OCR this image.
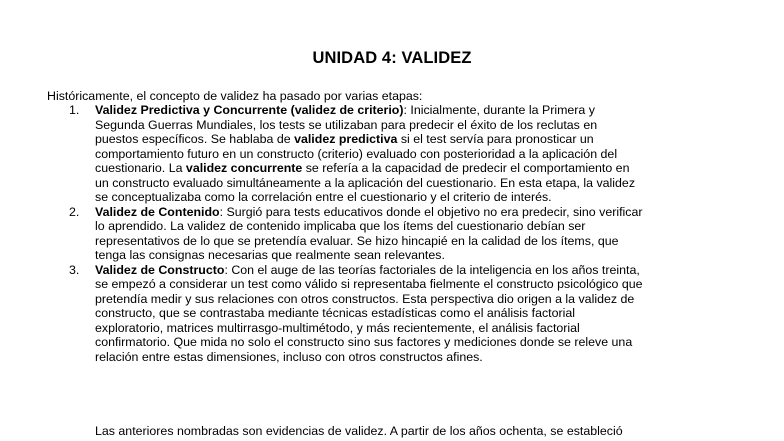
UNIDAD 4: VALIDEZ
Históricamente, el concepto de validez ha pasado por varias etapas:
1. Validez Predictiva y Concurrente (validez de criterio): Inicialmente, durante la Primera y
Segunda Guerras Mundiales, los tests se utilizaban para predecir el éxito de los reclutas en
puestos específicos. Se hablaba de validez predictiva si el test servía para pronosticar un
comportamiento futuro en un constructo (criterio) evaluado con posterioridad a la aplicación del
cuestionario. La validez concurrente se refería a la capacidad de predecir el comportamiento en
un constructo evaluado simultáneamente a la aplicación del cuestionario. En esta etapa, la validez
se conceptualizaba como la correlación entre el cuestionario y el criterio de interés.
2. Validez de Contenido: Surgió para tests educativos donde el objetivo no era predecir, sino verificar
lo aprendido. La validez de contenido implicaba que los ítems del cuestionario debían ser
representativos de lo que se pretendía evaluar. Se hizo hincapié en la calidad de los ítems, que
tenga las consignas necesarias que realmente sean relevantes.
3. Validez de Constructo: Con el auge de las teorías factoriales de la inteligencia en los años treinta,
se empezó a considerar un test como válido si representaba fielmente el constructo psicológico que
pretendía medir y sus relaciones con otros constructos. Esta perspectiva dio origen a la validez de
constructo, que se contrastaba mediante técnicas estadísticas como el análisis factorial
exploratorio, matrices multirrasgo-multimétodo, y más recientemente, el análisis factorial
confirmatorio. Que mida no solo el constructo sino sus factores y mediciones donde se releve una
relación entre estas dimensiones, incluso con otros constructos afines.
Las anteriores nombradas son evidencias de validez. A partir de los años ochenta, se estableció
